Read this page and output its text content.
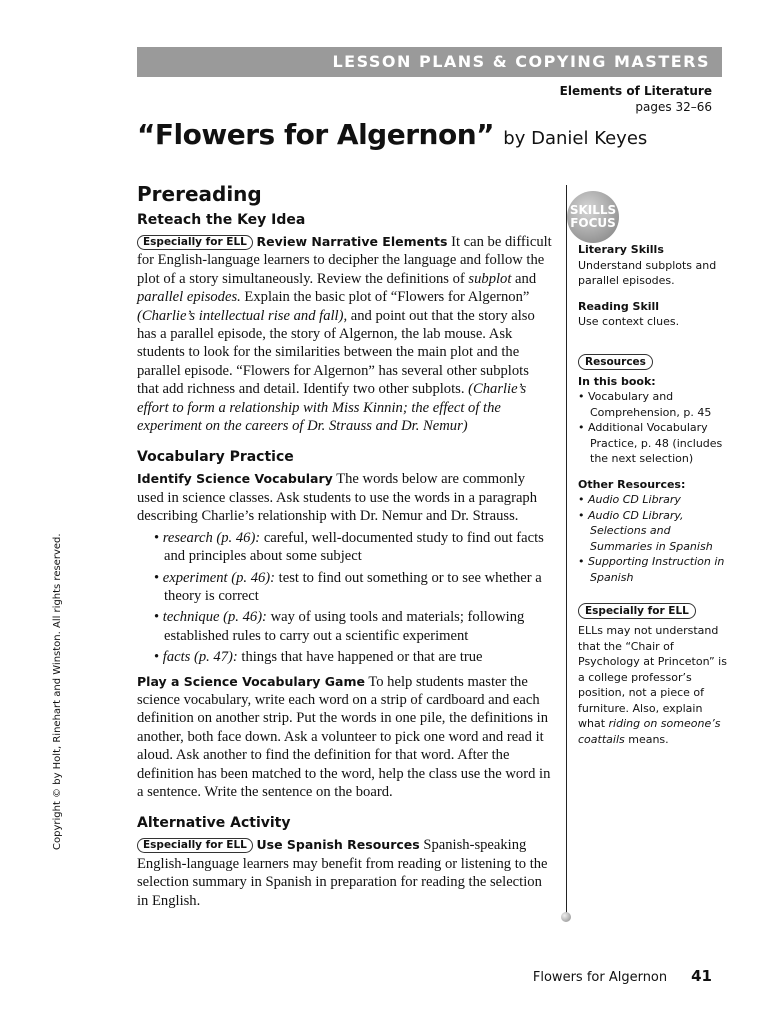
LESSON PLANS & COPYING MASTERS
Elements of Literature
pages 32–66
“Flowers for Algernon” by Daniel Keyes
Prereading
Reteach the Key Idea

Especially for ELL Review Narrative Elements It can be difficult for English-language learners to decipher the language and follow the plot of a story simultaneously. Review the definitions of subplot and parallel episodes. Explain the basic plot of “Flowers for Algernon” (Charlie’s intellectual rise and fall), and point out that the story also has a parallel episode, the story of Algernon, the lab mouse. Ask students to look for the similarities between the main plot and the parallel episode. “Flowers for Algernon” has several other subplots that add richness and detail. Identify two other subplots. (Charlie’s effort to form a relationship with Miss Kinnin; the effect of the experiment on the careers of Dr. Strauss and Dr. Nemur)

Vocabulary Practice

Identify Science Vocabulary The words below are commonly used in science classes. Ask students to use the words in a paragraph describing Charlie’s relationship with Dr. Nemur and Dr. Strauss.

• research (p. 46): careful, well-documented study to find out facts and principles about some subject
• experiment (p. 46): test to find out something or to see whether a theory is correct
• technique (p. 46): way of using tools and materials; following established rules to carry out a scientific experiment
• facts (p. 47): things that have happened or that are true

Play a Science Vocabulary Game To help students master the science vocabulary, write each word on a strip of cardboard and each definition on another strip. Put the words in one pile, the definitions in another, both face down. Ask a volunteer to pick one word and read it aloud. Ask another to find the definition for that word. After the definition has been matched to the word, help the class use the word in a sentence. Write the sentence on the board.

Alternative Activity

Especially for ELL Use Spanish Resources Spanish-speaking English-language learners may benefit from reading or listening to the selection summary in Spanish in preparation for reading the selection in English.

SKILLS
FOCUS
Literary Skills
Understand subplots and parallel episodes.
Reading Skill
Use context clues.
Resources
In this book:
• Vocabulary and Comprehension, p. 45
• Additional Vocabulary Practice, p. 48 (includes the next selection)
Other Resources:
• Audio CD Library
• Audio CD Library, Selections and Summaries in Spanish
• Supporting Instruction in Spanish
Especially for ELL
ELLs may not understand that the “Chair of Psychology at Princeton” is a college professor’s position, not a piece of furniture. Also, explain what riding on someone’s coattails means.
Copyright © by Holt, Rinehart and Winston. All rights reserved.
Flowers for Algernon 41
